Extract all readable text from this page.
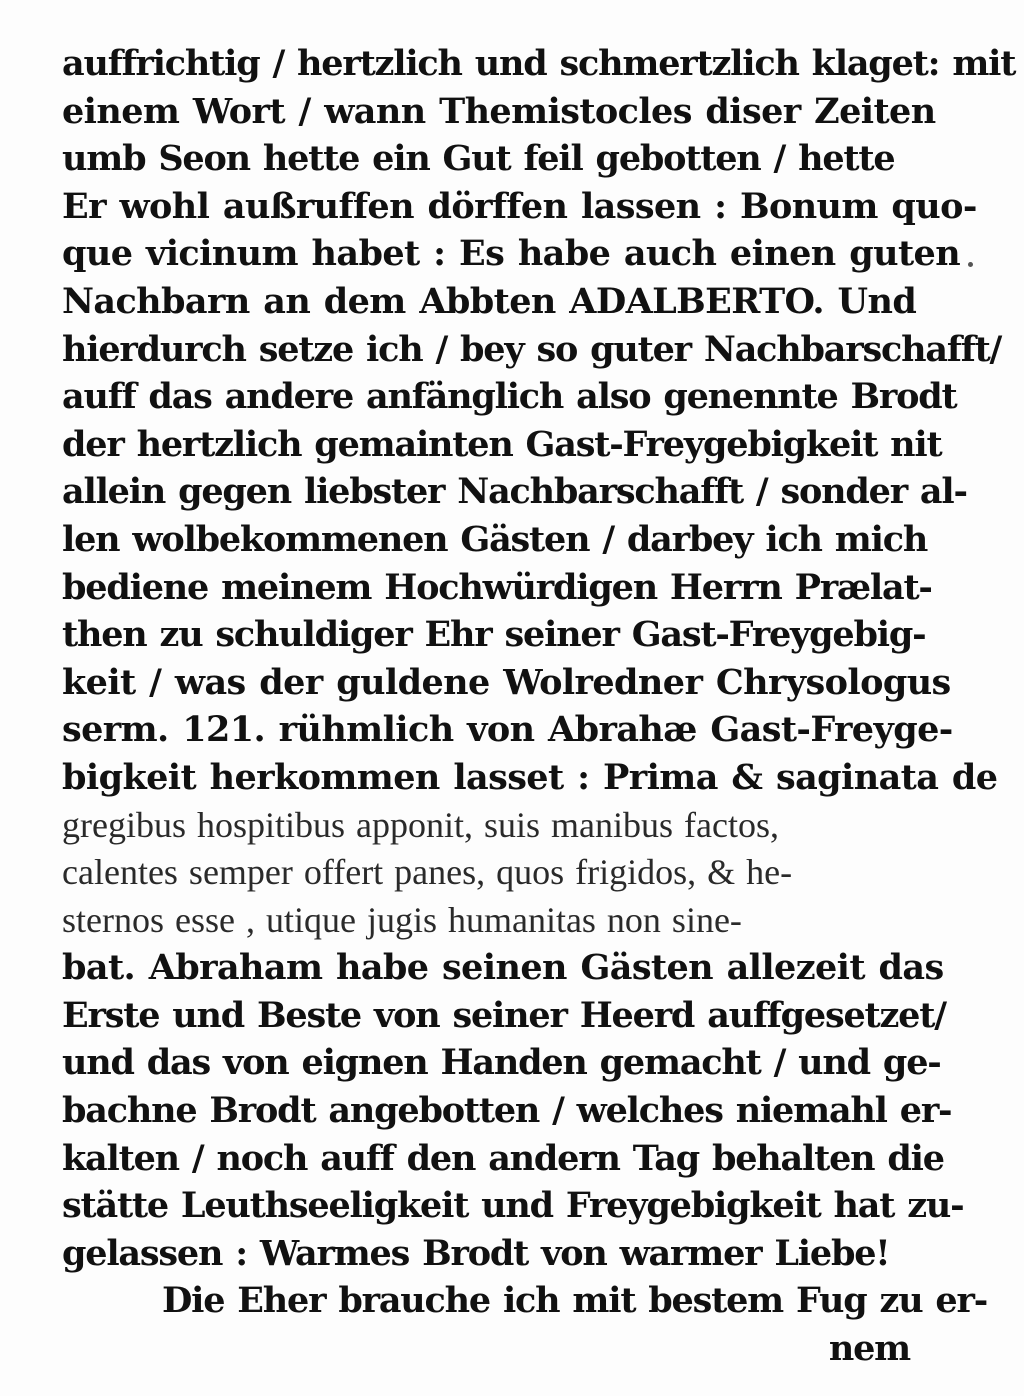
auffrichtig / hertzlich und schmertzlich klaget: mit
einem Wort / wann Themistocles diser Zeiten
umb Seon hette ein Gut feil gebotten / hette
Er wohl außruffen dörffen lassen : Bonum quo-
que vicinum habet : Es habe auch einen guten
Nachbarn an dem Abbten ADALBERTO. Und
hierdurch setze ich / bey so guter Nachbarschafft/
auff das andere anfänglich also genennte Brodt
der hertzlich gemainten Gast-Freygebigkeit nit
allein gegen liebster Nachbarschafft / sonder al-
len wolbekommenen Gästen / darbey ich mich
bediene meinem Hochwürdigen Herrn Prælat-
then zu schuldiger Ehr seiner Gast-Freygebig-
keit / was der guldene Wolredner Chrysologus
serm. 121. rühmlich von Abrahæ Gast-Freyge-
bigkeit herkommen lasset : Prima & saginata de
gregibus hospitibus apponit, suis manibus factos,
calentes semper offert panes, quos frigidos, & he-
sternos esse , utique jugis humanitas non sine-
bat. Abraham habe seinen Gästen allezeit das
Erste und Beste von seiner Heerd auffgesetzet/
und das von eignen Handen gemacht / und ge-
bachne Brodt angebotten / welches niemahl er-
kalten / noch auff den andern Tag behalten die
stätte Leuthseeligkeit und Freygebigkeit hat zu-
gelassen : Warmes Brodt von warmer Liebe!
Die Eher brauche ich mit bestem Fug zu er-
nem
